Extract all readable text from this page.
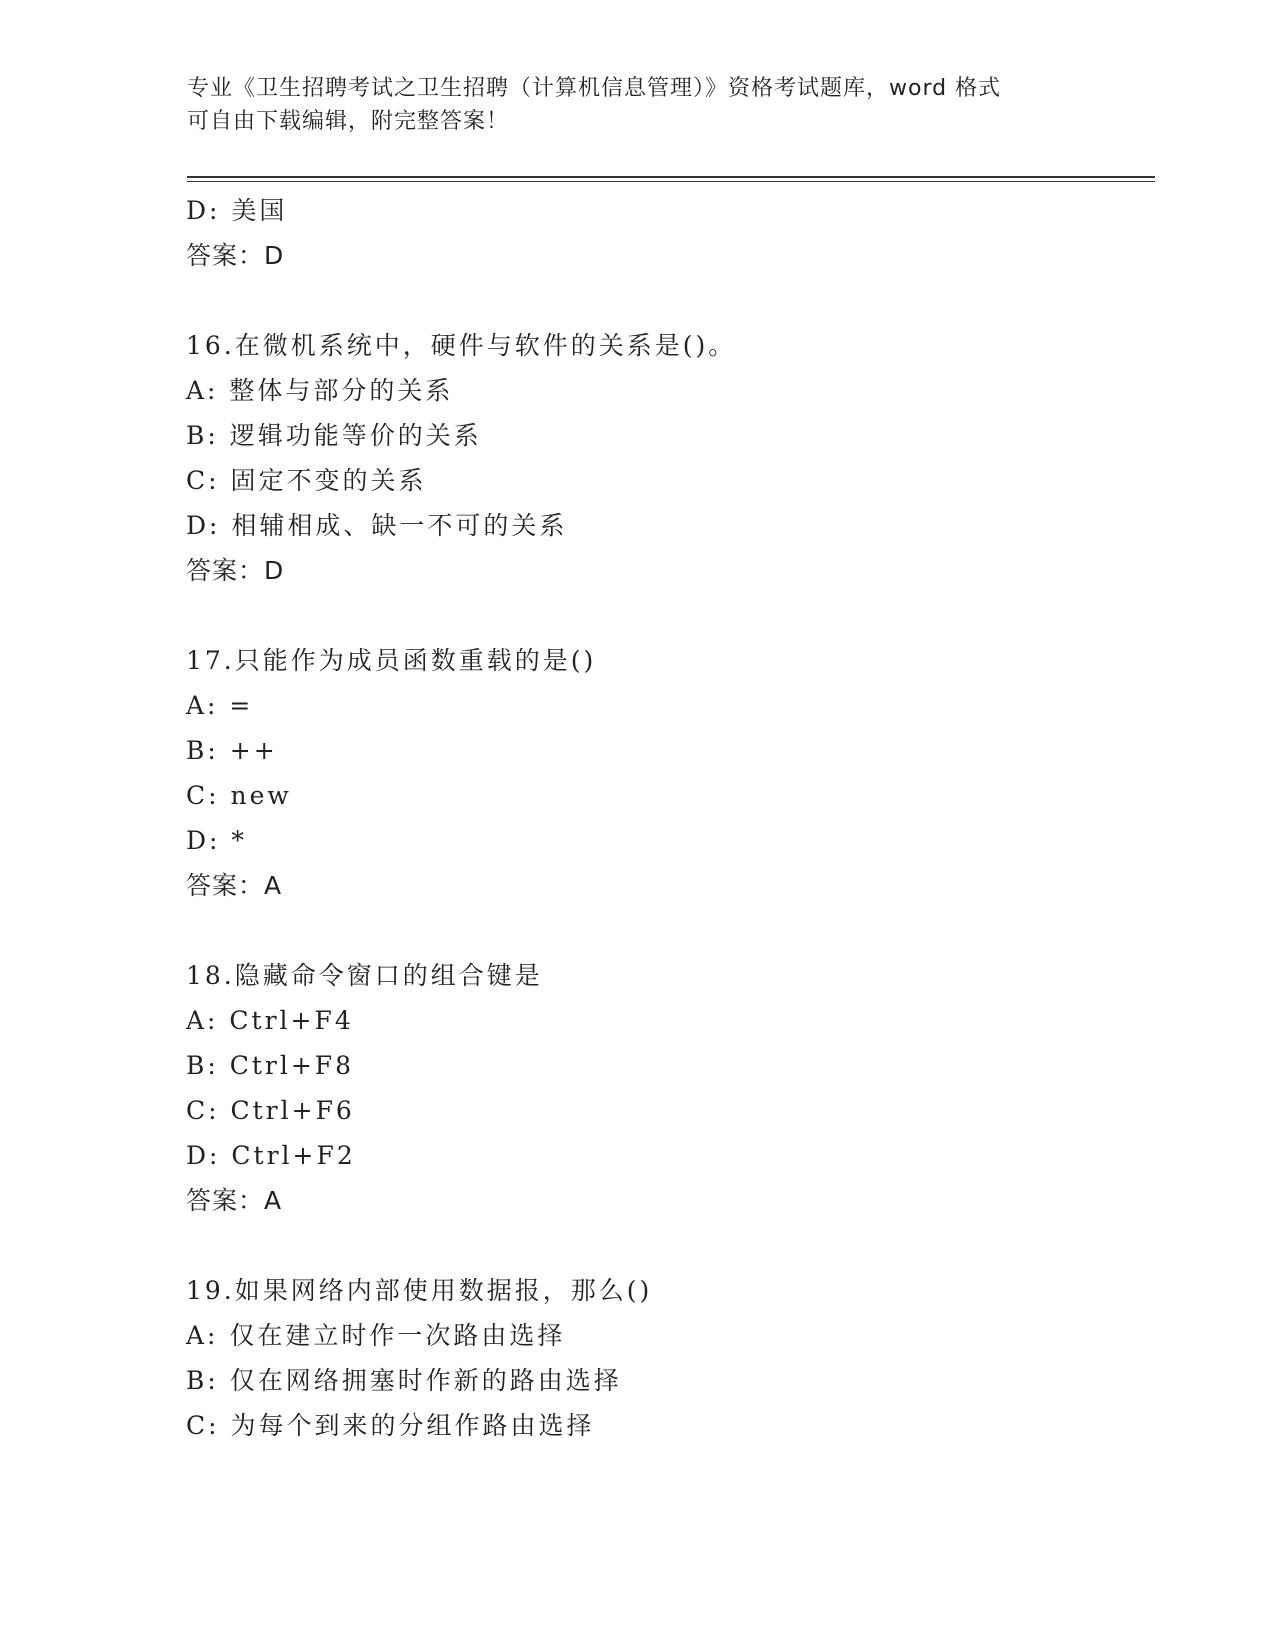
专业《卫生招聘考试之卫生招聘（计算机信息管理）》资格考试题库，word 格式
可自由下载编辑，附完整答案！
D: 美国
答案：D
16.在微机系统中，硬件与软件的关系是()。
A: 整体与部分的关系
B: 逻辑功能等价的关系
C: 固定不变的关系
D: 相辅相成、缺一不可的关系
答案：D
17.只能作为成员函数重载的是()
A: =
B: ++
C: new
D: *
答案：A
18.隐藏命令窗口的组合键是
A: Ctrl+F4
B: Ctrl+F8
C: Ctrl+F6
D: Ctrl+F2
答案：A
19.如果网络内部使用数据报，那么()
A: 仅在建立时作一次路由选择
B: 仅在网络拥塞时作新的路由选择
C: 为每个到来的分组作路由选择
